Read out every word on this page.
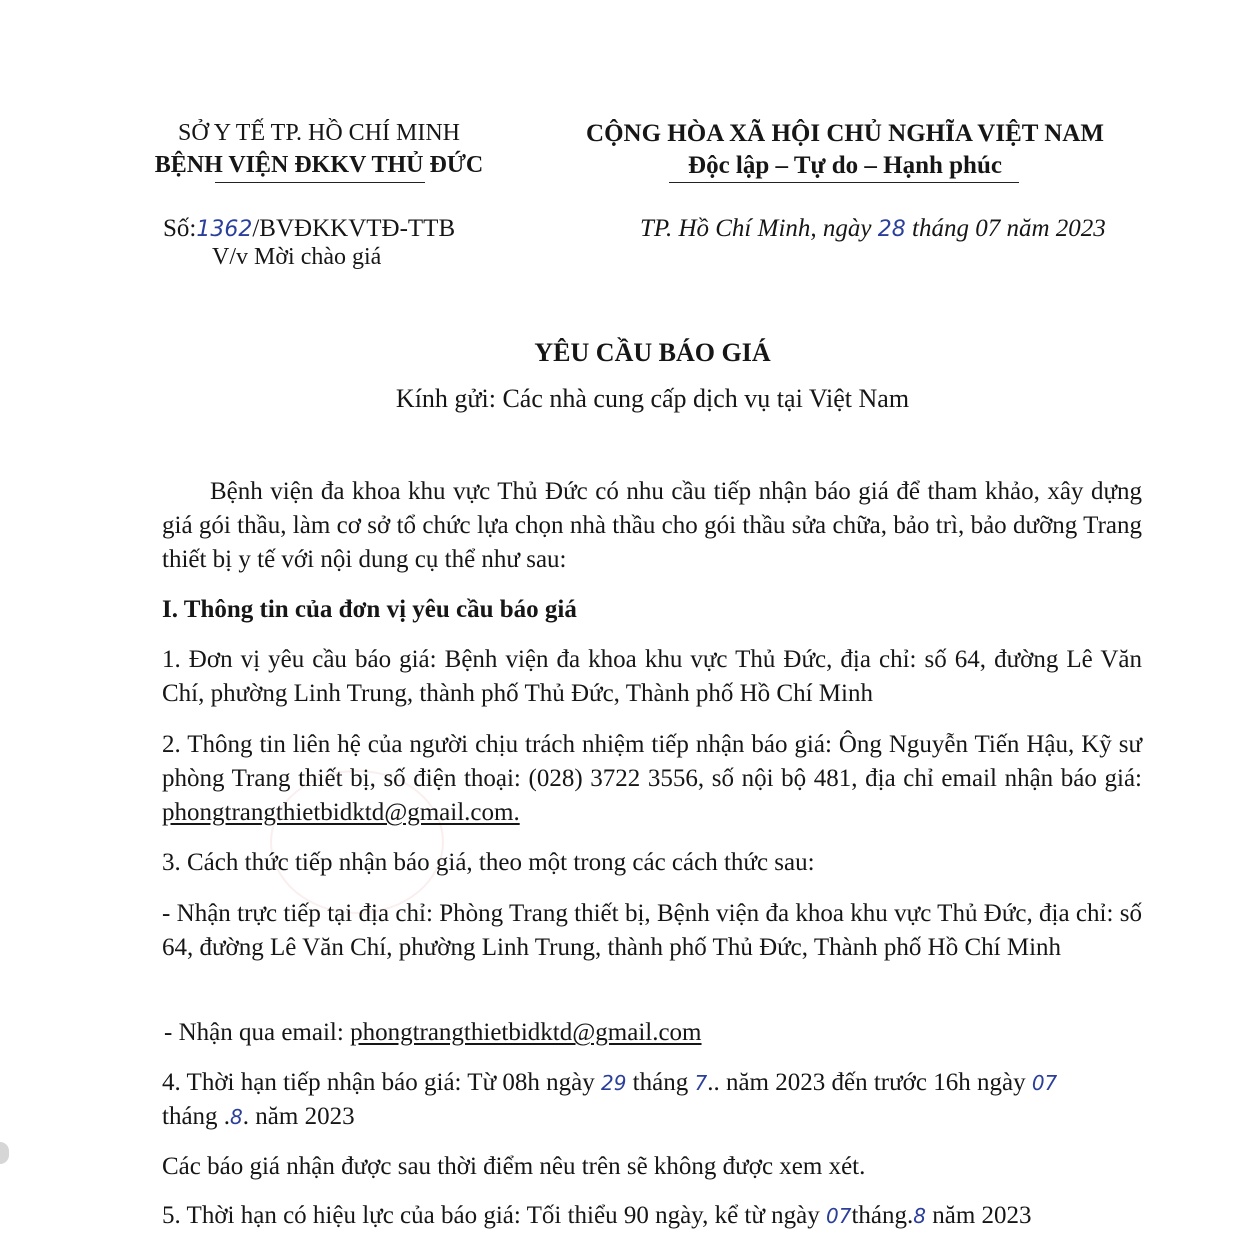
SỞ Y TẾ TP. HỒ CHÍ MINH
BỆNH VIỆN ĐKKV THỦ ĐỨC
CỘNG HÒA XÃ HỘI CHỦ NGHĨA VIỆT NAM
Độc lập – Tự do – Hạnh phúc
Số:1362/BVĐKKVTĐ-TTB
V/v Mời chào giá
TP. Hồ Chí Minh, ngày 28 tháng 07 năm 2023
YÊU CẦU BÁO GIÁ
Kính gửi: Các nhà cung cấp dịch vụ tại Việt Nam
Bệnh viện đa khoa khu vực Thủ Đức có nhu cầu tiếp nhận báo giá để tham khảo, xây dựng giá gói thầu, làm cơ sở tổ chức lựa chọn nhà thầu cho gói thầu sửa chữa, bảo trì, bảo dưỡng Trang thiết bị y tế với nội dung cụ thể như sau:
I. Thông tin của đơn vị yêu cầu báo giá
1. Đơn vị yêu cầu báo giá: Bệnh viện đa khoa khu vực Thủ Đức, địa chỉ: số 64, đường Lê Văn Chí, phường Linh Trung, thành phố Thủ Đức, Thành phố Hồ Chí Minh
2. Thông tin liên hệ của người chịu trách nhiệm tiếp nhận báo giá: Ông Nguyễn Tiến Hậu, Kỹ sư phòng Trang thiết bị, số điện thoại: (028) 3722 3556, số nội bộ 481, địa chỉ email nhận báo giá: phongtrangthietbidktd@gmail.com.
3. Cách thức tiếp nhận báo giá, theo một trong các cách thức sau:
- Nhận trực tiếp tại địa chỉ: Phòng Trang thiết bị, Bệnh viện đa khoa khu vực Thủ Đức, địa chỉ: số 64, đường Lê Văn Chí, phường Linh Trung, thành phố Thủ Đức, Thành phố Hồ Chí Minh
- Nhận qua email: phongtrangthietbidktd@gmail.com
4. Thời hạn tiếp nhận báo giá: Từ 08h ngày 29 tháng 7.. năm 2023 đến trước 16h ngày 07
tháng .8. năm 2023
Các báo giá nhận được sau thời điểm nêu trên sẽ không được xem xét.
5. Thời hạn có hiệu lực của báo giá: Tối thiểu 90 ngày, kể từ ngày 07tháng.8 năm 2023
